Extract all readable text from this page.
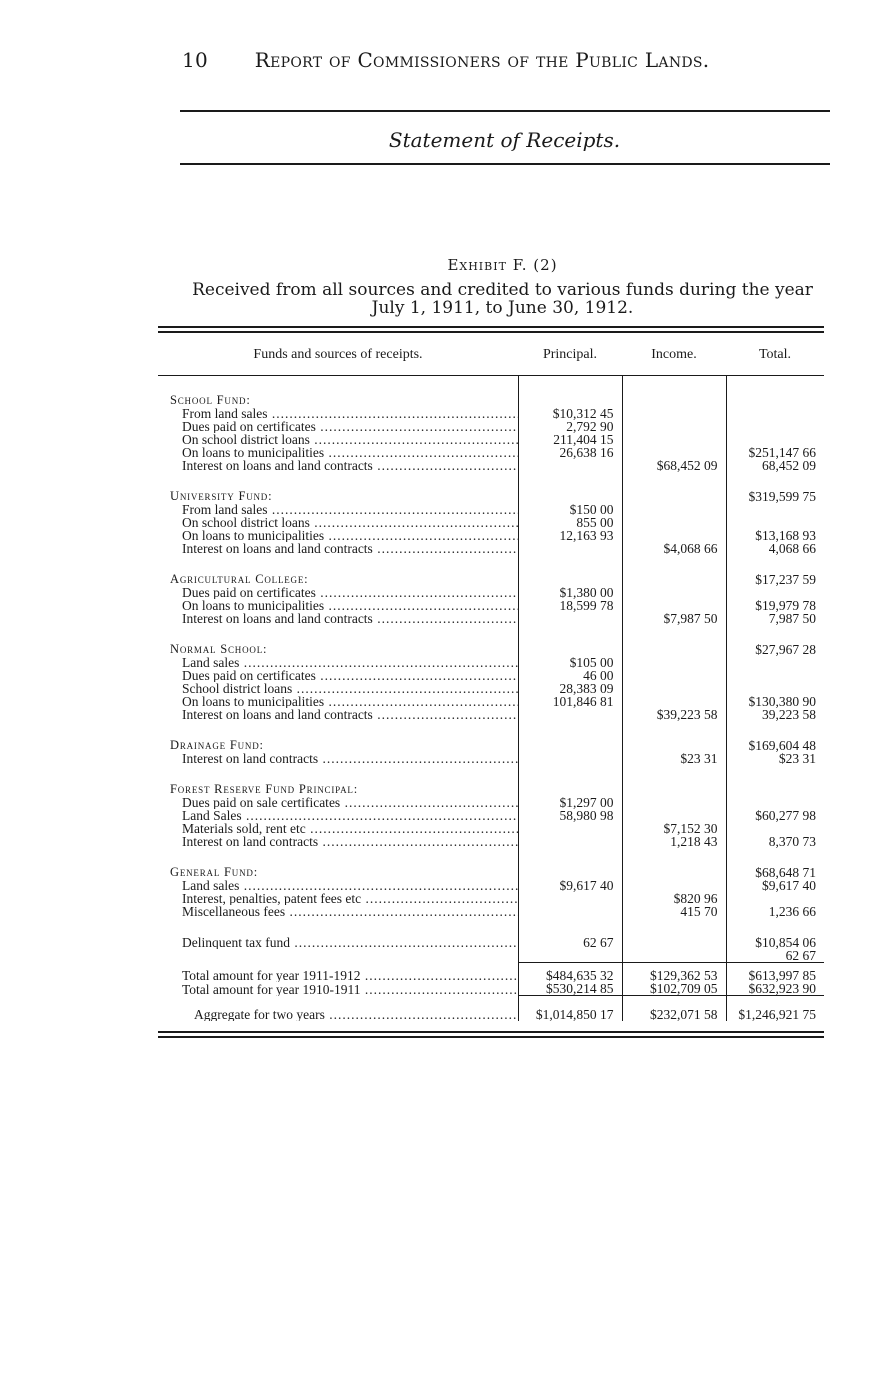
10 Report of Commissioners of the Public Lands.
Statement of Receipts.
Exhibit F. (2)
Received from all sources and credited to various funds during the year
July 1, 1911, to June 30, 1912.
Funds and sources of receipts.	Principal.	Income.	Total.
School Fund:			
From land sales .....	$10,312 45		
Dues paid on certificates .....	2,792 90		
On school district loans .....	211,404 15		
On loans to municipalities .....	26,638 16		$251,147 66
Interest on loans and land contracts .....		$68,452 09	68,452 09
University Fund:			$319,599 75
From land sales .....	$150 00		
On school district loans .....	855 00		
On loans to municipalities .....	12,163 93		$13,168 93
Interest on loans and land contracts .....		$4,068 66	4,068 66
Agricultural College:			$17,237 59
Dues paid on certificates .....	$1,380 00		
On loans to municipalities .....	18,599 78		$19,979 78
Interest on loans and land contracts .....		$7,987 50	7,987 50
Normal School:			$27,967 28
Land sales .....	$105 00		
Dues paid on certificates .....	46 00		
School district loans .....	28,383 09		
On loans to municipalities .....	101,846 81		$130,380 90
Interest on loans and land contracts .....		$39,223 58	39,223 58
Drainage Fund:			$169,604 48
Interest on land contracts .....		$23 31	$23 31
Forest Reserve Fund Principal:			
Dues paid on sale certificates .....	$1,297 00		
Land Sales .....	58,980 98		$60,277 98
Materials sold, rent etc .....		$7,152 30	
Interest on land contracts .....		1,218 43	8,370 73
General Fund:			$68,648 71
Land sales .....	$9,617 40		$9,617 40
Interest, penalties, patent fees etc .....		$820 96	
Miscellaneous fees .....		415 70	1,236 66
Delinquent tax fund .....	62 67		$10,854 06
			62 67
Total amount for year 1911-1912 .....	$484,635 32	$129,362 53	$613,997 85
Total amount for year 1910-1911 .....	$530,214 85	$102,709 05	$632,923 90
Aggregate for two years .....	$1,014,850 17	$232,071 58	$1,246,921 75
